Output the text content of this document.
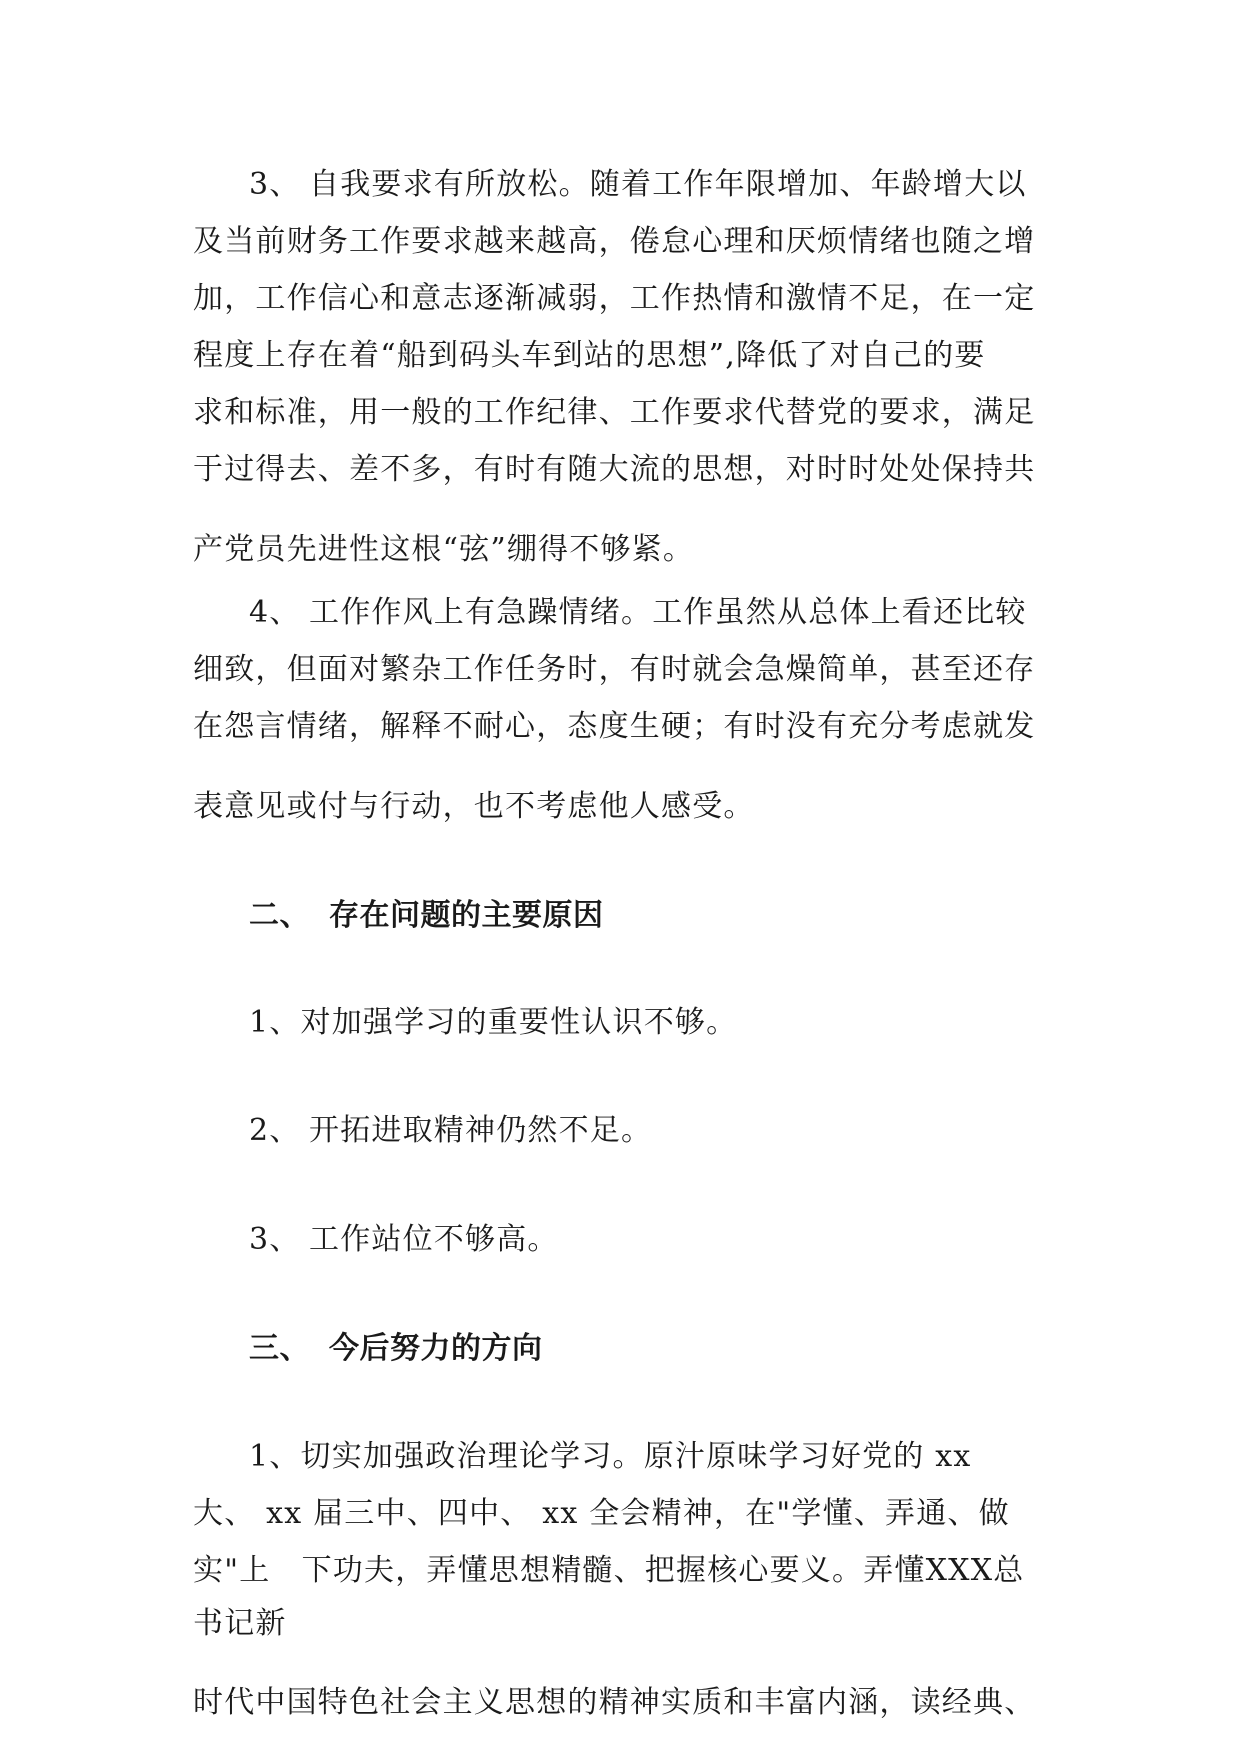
3、 自我要求有所放松。随着工作年限增加、年龄增大以

及当前财务工作要求越来越高，倦怠心理和厌烦情绪也随之增

加，工作信心和意志逐渐减弱，工作热情和激情不足，在一定

程度上存在着“船到码头车到站的思想”,降低了对自己的要

求和标准，用一般的工作纪律、工作要求代替党的要求，满足

于过得去、差不多，有时有随大流的思想，对时时处处保持共

产党员先进性这根“弦”绷得不够紧。

4、 工作作风上有急躁情绪。工作虽然从总体上看还比较

细致，但面对繁杂工作任务时，有时就会急燥简单，甚至还存

在怨言情绪，解释不耐心，态度生硬；有时没有充分考虑就发

表意见或付与行动，也不考虑他人感受。

二、 存在问题的主要原因

1、对加强学习的重要性认识不够。

2、 开拓进取精神仍然不足。

3、 工作站位不够高。

三、 今后努力的方向

1、切实加强政治理论学习。原汁原味学习好党的 xx

大、 xx 届三中、四中、 xx 全会精神，在"学懂、弄通、做

实"上　下功夫，弄懂思想精髓、把握核心要义。弄懂XXX总

书记新

时代中国特色社会主义思想的精神实质和丰富内涵，读经典、
